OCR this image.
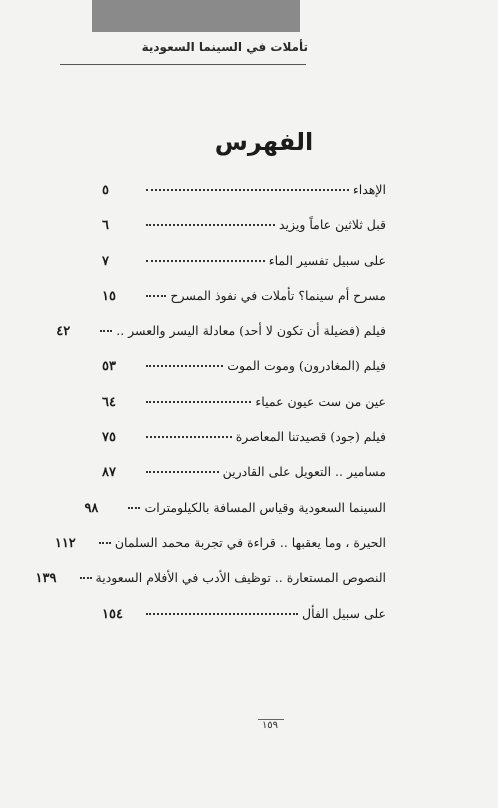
تأملات في السينما السعودية
الفهرس
الإهداء
٥
قبل ثلاثين عاماً ويزيد
٦
على سبيل تفسير الماء
٧
مسرح أم سينما؟ تأملات في نفوذ المسرح
١٥
فيلم (فضيلة أن تكون لا أحد) معادلة اليسر والعسر ..
٤٢
فيلم (المغادرون) وموت الموت
٥٣
عين من ست عيون عمياء
٦٤
فيلم (جود) قصيدتنا المعاصرة
٧٥
مسامير .. التعويل على القادرين
٨٧
السينما السعودية وقياس المسافة بالكيلومترات
٩٨
الحيرة ، وما يعقبها .. قراءة في تجربة محمد السلمان
١١٢
النصوص المستعارة .. توظيف الأدب في الأفلام السعودية
١٣٩
على سبيل الفأل
١٥٤
١٥٩
